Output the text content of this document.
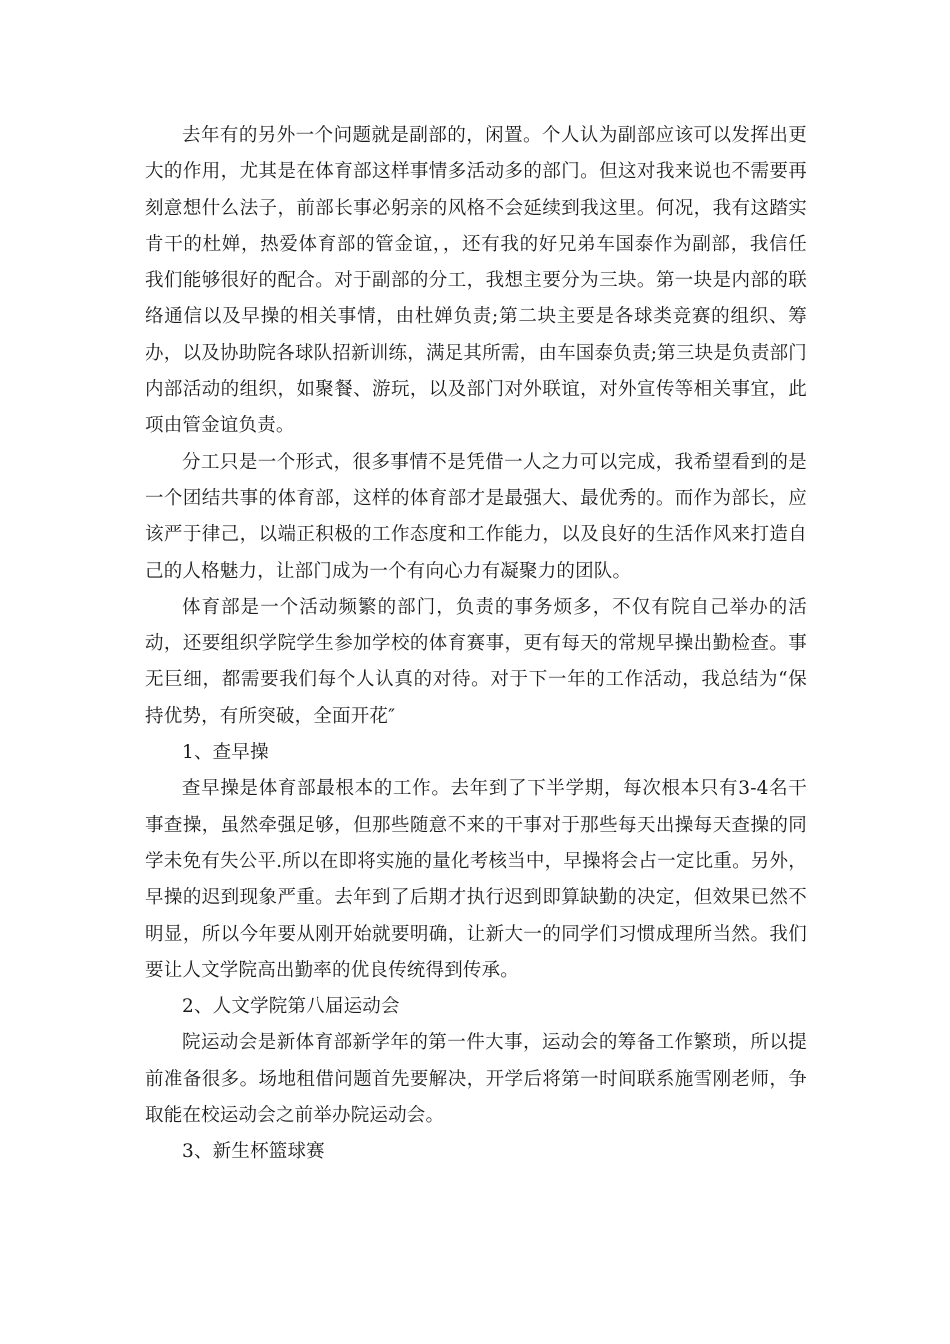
去年有的另外一个问题就是副部的，闲置。个人认为副部应该可以发挥出更大的作用，尤其是在体育部这样事情多活动多的部门。但这对我来说也不需要再刻意想什么法子，前部长事必躬亲的风格不会延续到我这里。何况，我有这踏实肯干的杜婵，热爱体育部的管金谊，，还有我的好兄弟车国泰作为副部，我信任我们能够很好的配合。对于副部的分工，我想主要分为三块。第一块是内部的联络通信以及早操的相关事情，由杜婵负责;第二块主要是各球类竞赛的组织、筹办，以及协助院各球队招新训练，满足其所需，由车国泰负责;第三块是负责部门内部活动的组织，如聚餐、游玩，以及部门对外联谊，对外宣传等相关事宜，此项由管金谊负责。

分工只是一个形式，很多事情不是凭借一人之力可以完成，我希望看到的是一个团结共事的体育部，这样的体育部才是最强大、最优秀的。而作为部长，应该严于律己，以端正积极的工作态度和工作能力，以及良好的生活作风来打造自己的人格魅力，让部门成为一个有向心力有凝聚力的团队。

体育部是一个活动频繁的部门，负责的事务烦多，不仅有院自己举办的活动，还要组织学院学生参加学校的体育赛事，更有每天的常规早操出勤检查。事无巨细，都需要我们每个人认真的对待。对于下一年的工作活动，我总结为“保持优势，有所突破，全面开花″

1、查早操

查早操是体育部最根本的工作。去年到了下半学期，每次根本只有3-4名干事查操，虽然牵强足够，但那些随意不来的干事对于那些每天出操每天查操的同学未免有失公平.所以在即将实施的量化考核当中，早操将会占一定比重。另外，早操的迟到现象严重。去年到了后期才执行迟到即算缺勤的决定，但效果已然不明显，所以今年要从刚开始就要明确，让新大一的同学们习惯成理所当然。我们要让人文学院高出勤率的优良传统得到传承。

2、人文学院第八届运动会

院运动会是新体育部新学年的第一件大事，运动会的筹备工作繁琐，所以提前准备很多。场地租借问题首先要解决，开学后将第一时间联系施雪刚老师，争取能在校运动会之前举办院运动会。

3、新生杯篮球赛
